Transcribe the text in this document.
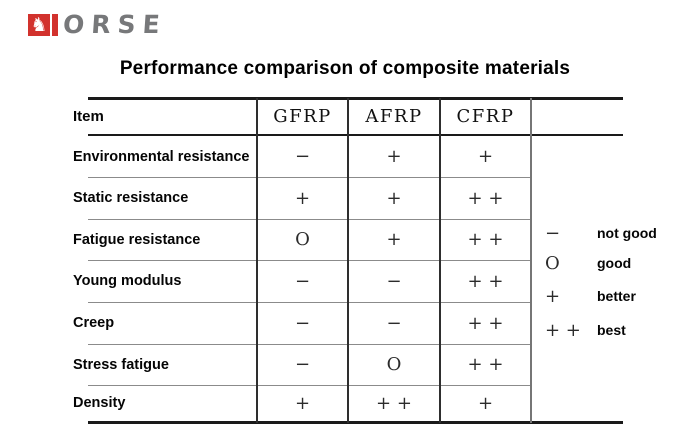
♞ ORSE
Performance comparison of composite materials
Item	GFRP	AFRP	CFRP
Environmental resistance	−	+	+
Static resistance	+	+	+ +
Fatigue resistance	O	+	+ +
Young modulus	−	−	+ +
Creep	−	−	+ +
Stress fatigue	−	O	+ +
Density	+	+ +	+
−	not good
O	good
+	better
+ +	best
